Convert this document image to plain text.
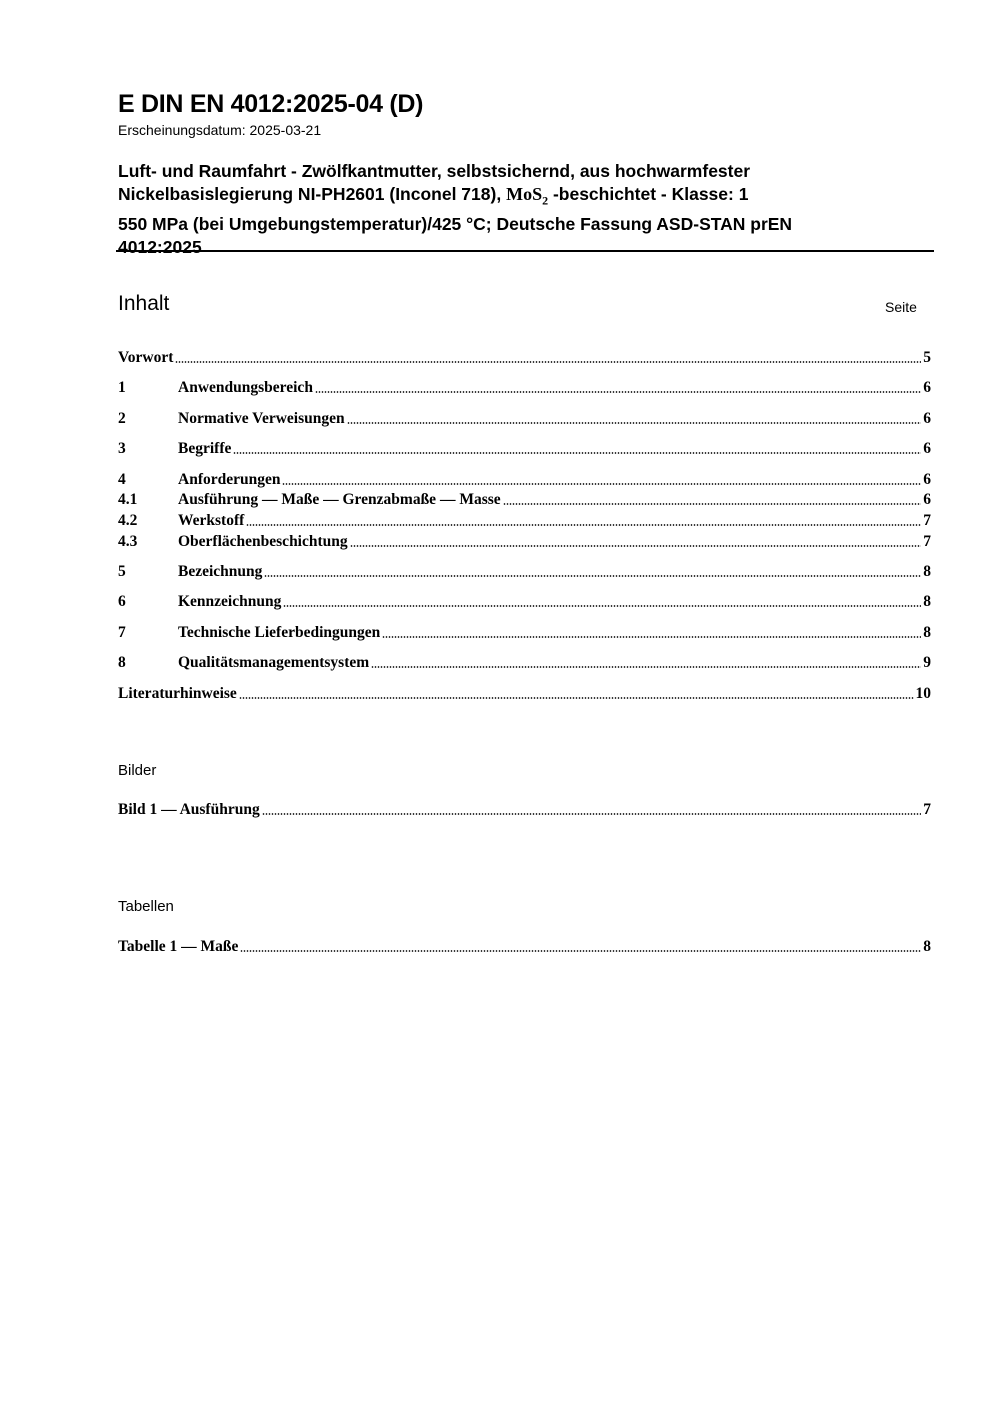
E DIN EN 4012:2025-04 (D)
Erscheinungsdatum: 2025-03-21
Luft- und Raumfahrt - Zwölfkantmutter, selbstsichernd, aus hochwarmfester
Nickelbasislegierung NI-PH2601 (Inconel 718), MoS$_2$ -beschichtet - Klasse: 1
550 MPa (bei Umgebungstemperatur)/425 °C; Deutsche Fassung ASD-STAN prEN
4012:2025
Inhalt	Seite
Vorwort	5
1	Anwendungsbereich	6
2	Normative Verweisungen	6
3	Begriffe	6
4	Anforderungen	6
4.1	Ausführung — Maße — Grenzabmaße — Masse	6
4.2	Werkstoff	7
4.3	Oberflächenbeschichtung	7
5	Bezeichnung	8
6	Kennzeichnung	8
7	Technische Lieferbedingungen	8
8	Qualitätsmanagementsystem	9
Literaturhinweise	10
Bilder
Bild 1 — Ausführung	7
Tabellen
Tabelle 1 — Maße	8
